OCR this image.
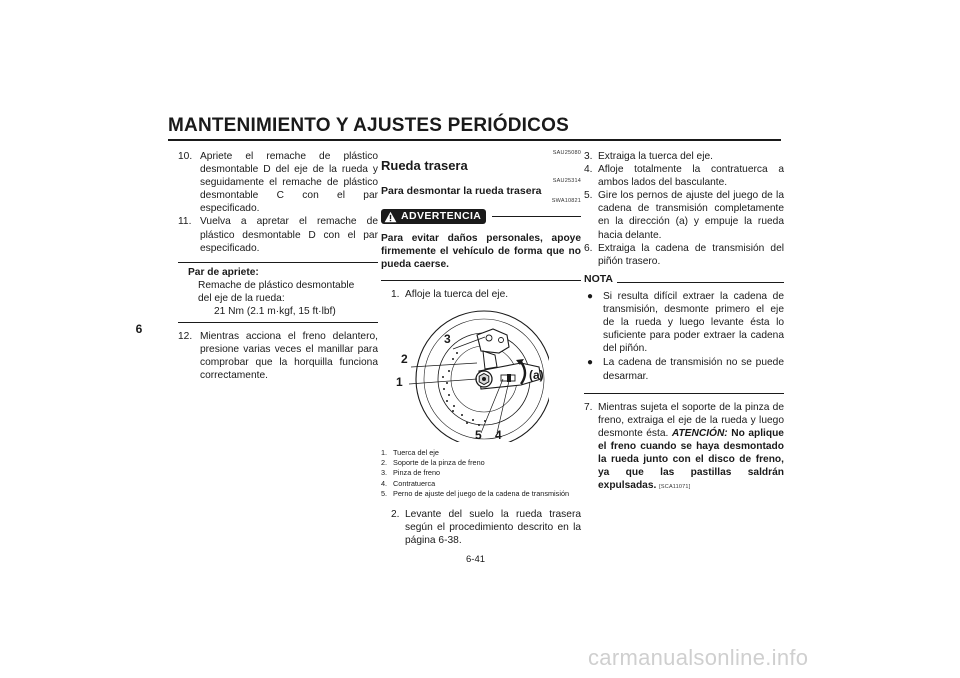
MANTENIMIENTO Y AJUSTES PERIÓDICOS
6
10. Apriete el remache de plástico desmontable D del eje de la rueda y seguidamente el remache de plástico desmontable C con el par especificado.
11. Vuelva a apretar el remache de plástico desmontable D con el par especificado.
Par de apriete:
Remache de plástico desmontable
del eje de la rueda:
21 Nm (2.1 m·kgf, 15 ft·lbf)
12. Mientras acciona el freno delantero, presione varias veces el manillar para comprobar que la horquilla funciona correctamente.
SAU25080
Rueda trasera
SAU25314
Para desmontar la rueda trasera
SWA10821
ADVERTENCIA
Para evitar daños personales, apoye firmemente el vehículo de forma que no pueda caerse.
1. Afloje la tuerca del eje.
3
2
1	(a)
5 4
1. Tuerca del eje
2. Soporte de la pinza de freno
3. Pinza de freno
4. Contratuerca
5. Perno de ajuste del juego de la cadena de transmisión
2. Levante del suelo la rueda trasera según el procedimiento descrito en la página 6-38.
3. Extraiga la tuerca del eje.
4. Afloje totalmente la contratuerca a ambos lados del basculante.
5. Gire los pernos de ajuste del juego de la cadena de transmisión completamente en la dirección (a) y empuje la rueda hacia delante.
6. Extraiga la cadena de transmisión del piñón trasero.
NOTA
● Si resulta difícil extraer la cadena de transmisión, desmonte primero el eje de la rueda y luego levante ésta lo suficiente para poder extraer la cadena del piñón.
● La cadena de transmisión no se puede desarmar.
7. Mientras sujeta el soporte de la pinza de freno, extraiga el eje de la rueda y luego desmonte ésta. ATENCIÓN: No aplique el freno cuando se haya desmontado la rueda junto con el disco de freno, ya que las pastillas saldrán expulsadas. [SCA11071]
6-41
carmanualsonline.info
